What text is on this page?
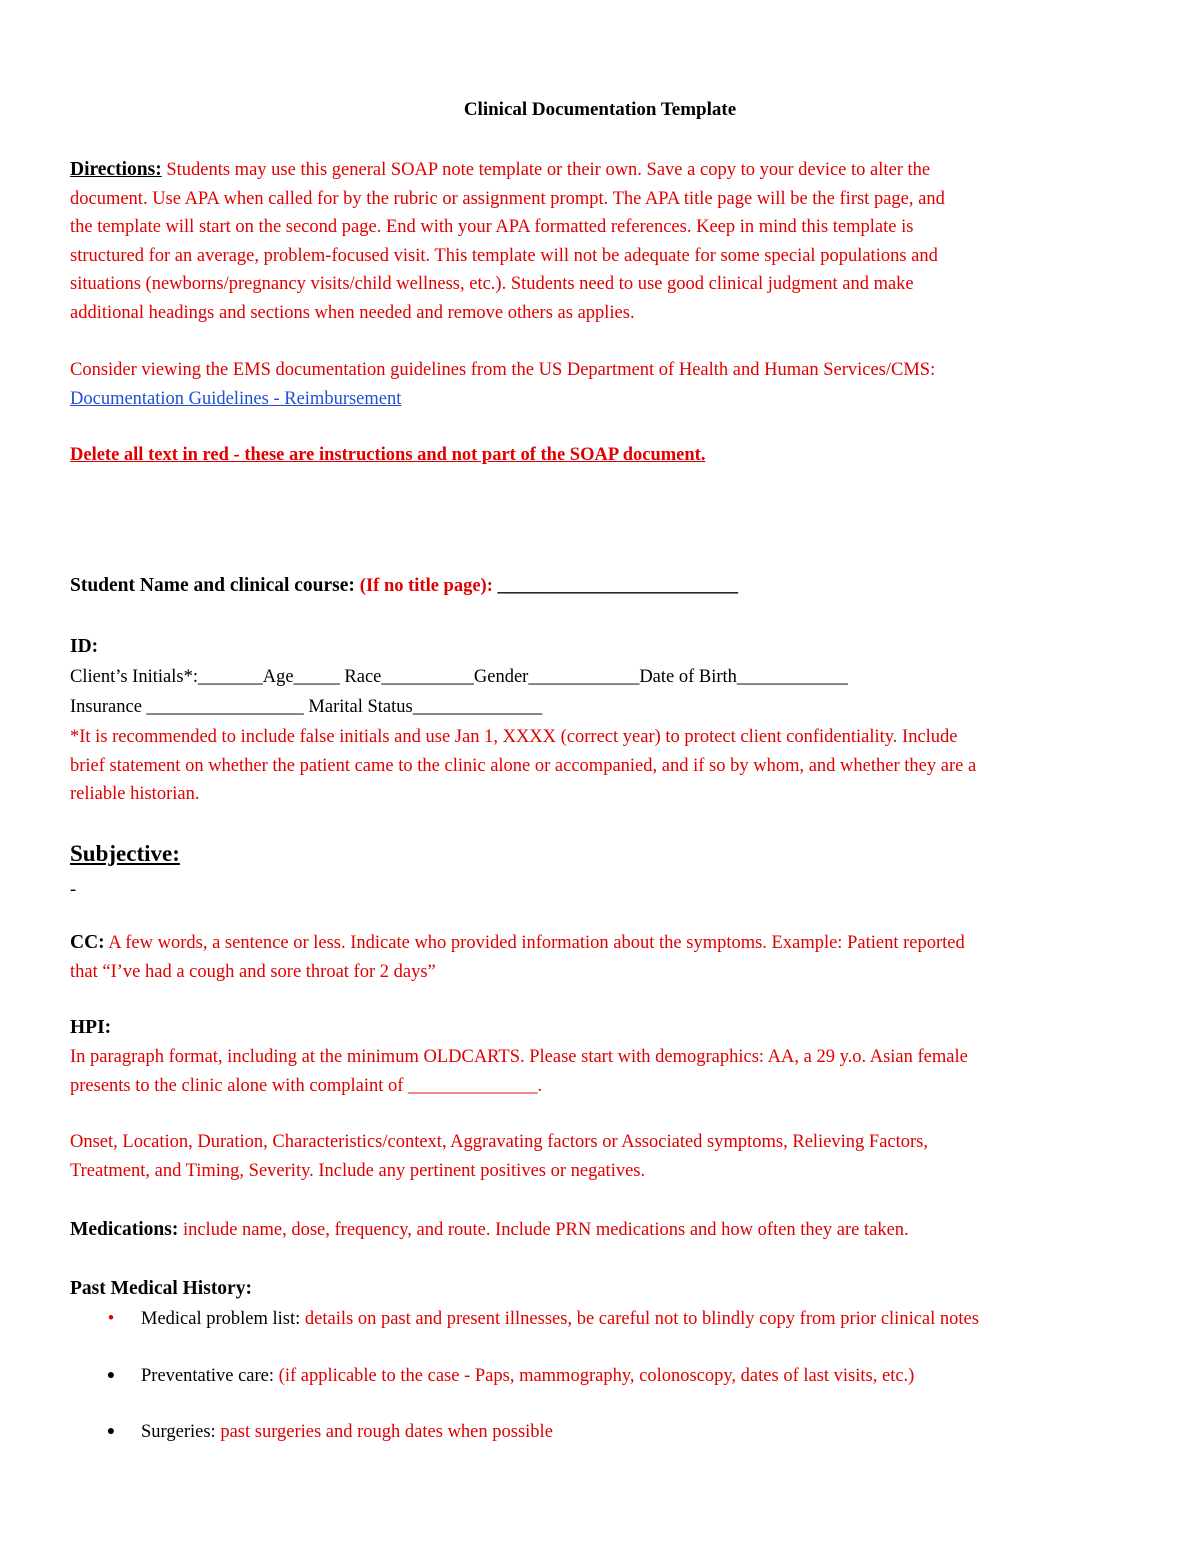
Clinical Documentation Template
Directions: Students may use this general SOAP note template or their own. Save a copy to your device to alter the
document. Use APA when called for by the rubric or assignment prompt. The APA title page will be the first page, and
the template will start on the second page. End with your APA formatted references. Keep in mind this template is
structured for an average, problem-focused visit. This template will not be adequate for some special populations and
situations (newborns/pregnancy visits/child wellness, etc.). Students need to use good clinical judgment and make
additional headings and sections when needed and remove others as applies.
Consider viewing the EMS documentation guidelines from the US Department of Health and Human Services/CMS:
Documentation Guidelines - Reimbursement
Delete all text in red - these are instructions and not part of the SOAP document.
Student Name and clinical course: (If no title page): __________________________
ID:
Client’s Initials*:_______Age_____ Race__________Gender____________Date of Birth____________
Insurance _________________ Marital Status______________
*It is recommended to include false initials and use Jan 1, XXXX (correct year) to protect client confidentiality. Include
brief statement on whether the patient came to the clinic alone or accompanied, and if so by whom, and whether they are a
reliable historian.
Subjective:
-
CC: A few words, a sentence or less. Indicate who provided information about the symptoms. Example: Patient reported
that “I’ve had a cough and sore throat for 2 days”
HPI:
In paragraph format, including at the minimum OLDCARTS. Please start with demographics: AA, a 29 y.o. Asian female
presents to the clinic alone with complaint of ______________.
Onset, Location, Duration, Characteristics/context, Aggravating factors or Associated symptoms, Relieving Factors,
Treatment, and Timing, Severity. Include any pertinent positives or negatives.
Medications: include name, dose, frequency, and route. Include PRN medications and how often they are taken.
Past Medical History:
• Medical problem list: details on past and present illnesses, be careful not to blindly copy from prior clinical notes
● Preventative care: (if applicable to the case - Paps, mammography, colonoscopy, dates of last visits, etc.)
● Surgeries: past surgeries and rough dates when possible
